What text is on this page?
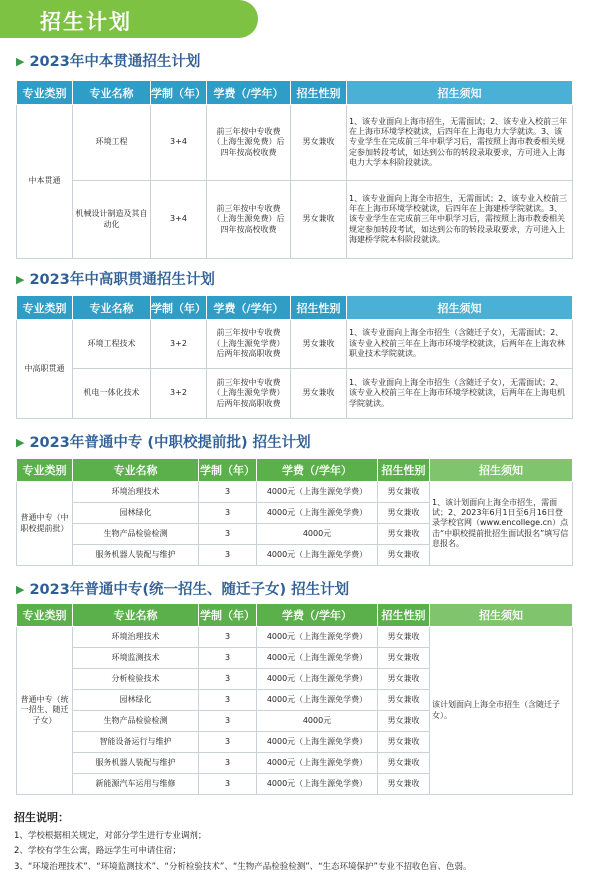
招生计划
▶ 2023年中本贯通招生计划
专业类别	专业名称	学制（年）	学费（/学年）	招生性别	招生须知
中本贯通	环境工程	3+4	前三年按中专收费（上海生源免费）后四年按高校收费	男女兼收	1、该专业面向上海市招生，无需面试；2、该专业入校前三年在上海市环境学校就读，后四年在上海电力大学就读。3、该专业学生在完成前三年中职学习后，需按照上海市教委相关规定参加转段考试，如达到公布的转段录取要求，方可进入上海电力大学本科阶段就读。
	机械设计制造及其自动化	3+4	前三年按中专收费（上海生源免费）后四年按高校收费	男女兼收	1、该专业面向上海全市招生，无需面试；2、该专业入校前三年在上海市环境学校就读，后四年在上海建桥学院就读。3、该专业学生在完成前三年中职学习后，需按照上海市教委相关规定参加转段考试，如达到公布的转段录取要求，方可进入上海建桥学院本科阶段就读。
▶ 2023年中高职贯通招生计划
专业类别	专业名称	学制（年）	学费（/学年）	招生性别	招生须知
中高职贯通	环境工程技术	3+2	前三年按中专收费（上海生源免学费）后两年按高职收费	男女兼收	1、该专业面向上海全市招生（含随迁子女），无需面试；2、该专业入校前三年在上海市环境学校就读，后两年在上海农林职业技术学院就读。
	机电一体化技术	3+2	前三年按中专收费（上海生源免学费）后两年按高职收费	男女兼收	1、该专业面向上海全市招生（含随迁子女），无需面试；2、该专业入校前三年在上海市环境学校就读，后两年在上海电机学院就读。
▶ 2023年普通中专 (中职校提前批) 招生计划
专业类别	专业名称	学制（年）	学费（/学年）	招生性别	招生须知
普通中专（中职校提前批）	环境治理技术	3	4000元（上海生源免学费）	男女兼收	1、该计划面向上海全市招生，需面试；2、2023年6月1日至6月16日登录学校官网（www.encollege.cn）点击“中职校提前批招生面试报名”填写信息报名。
	园林绿化	3	4000元（上海生源免学费）	男女兼收	
	生物产品检验检测	3	4000元	男女兼收	
	服务机器人装配与维护	3	4000元（上海生源免学费）	男女兼收	
▶ 2023年普通中专(统一招生、随迁子女) 招生计划
专业类别	专业名称	学制（年）	学费（/学年）	招生性别	招生须知
普通中专（统一招生、随迁子女）	环境治理技术	3	4000元（上海生源免学费）	男女兼收	该计划面向上海全市招生（含随迁子女）。
	环境监测技术	3	4000元（上海生源免学费）	男女兼收	
	分析检验技术	3	4000元（上海生源免学费）	男女兼收	
	园林绿化	3	4000元（上海生源免学费）	男女兼收	
	生物产品检验检测	3	4000元	男女兼收	
	智能设备运行与维护	3	4000元（上海生源免学费）	男女兼收	
	服务机器人装配与维护	3	4000元（上海生源免学费）	男女兼收	
	新能源汽车运用与维修	3	4000元（上海生源免学费）	男女兼收	
招生说明：

1、学校根据相关规定，对部分学生进行专业调剂；

2、学校有学生公寓，路远学生可申请住宿；

3、“环境治理技术”、“环境监测技术”、“分析检验技术”、“生物产品检验检测”、“生态环境保护”专业不招收色盲、色弱。
